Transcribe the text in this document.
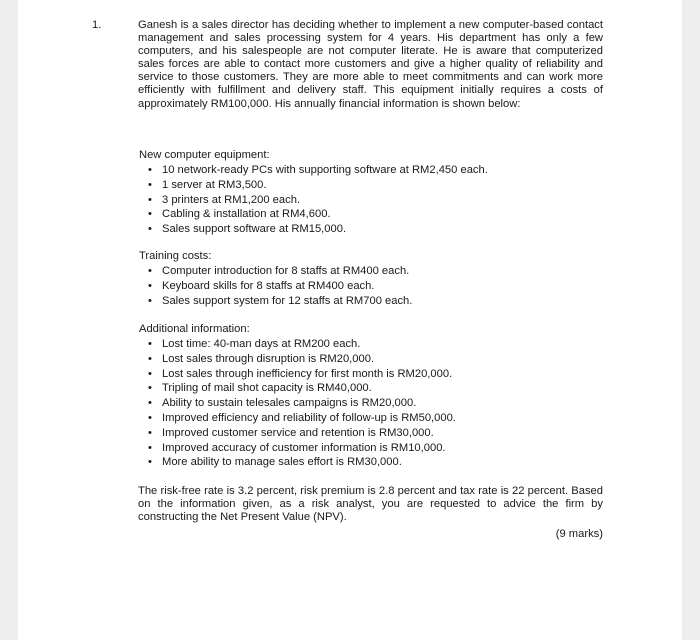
1.	Ganesh is a sales director has deciding whether to implement a new computer-based contact management and sales processing system for 4 years. His department has only a few computers, and his salespeople are not computer literate. He is aware that computerized sales forces are able to contact more customers and give a higher quality of reliability and service to those customers. They are more able to meet commitments and can work more efficiently with fulfillment and delivery staff. This equipment initially requires a costs of approximately RM100,000. His annually financial information is shown below:

New computer equipment:

• 10 network-ready PCs with supporting software at RM2,450 each.
• 1 server at RM3,500.
• 3 printers at RM1,200 each.
• Cabling & installation at RM4,600.
• Sales support software at RM15,000.

Training costs:

• Computer introduction for 8 staffs at RM400 each.
• Keyboard skills for 8 staffs at RM400 each.
• Sales support system for 12 staffs at RM700 each.

Additional information:

• Lost time: 40-man days at RM200 each.
• Lost sales through disruption is RM20,000.
• Lost sales through inefficiency for first month is RM20,000.
• Tripling of mail shot capacity is RM40,000.
• Ability to sustain telesales campaigns is RM20,000.
• Improved efficiency and reliability of follow-up is RM50,000.
• Improved customer service and retention is RM30,000.
• Improved accuracy of customer information is RM10,000.
• More ability to manage sales effort is RM30,000.

The risk-free rate is 3.2 percent, risk premium is 2.8 percent and tax rate is 22 percent. Based on the information given, as a risk analyst, you are requested to advice the firm by constructing the Net Present Value (NPV).

(9 marks)
